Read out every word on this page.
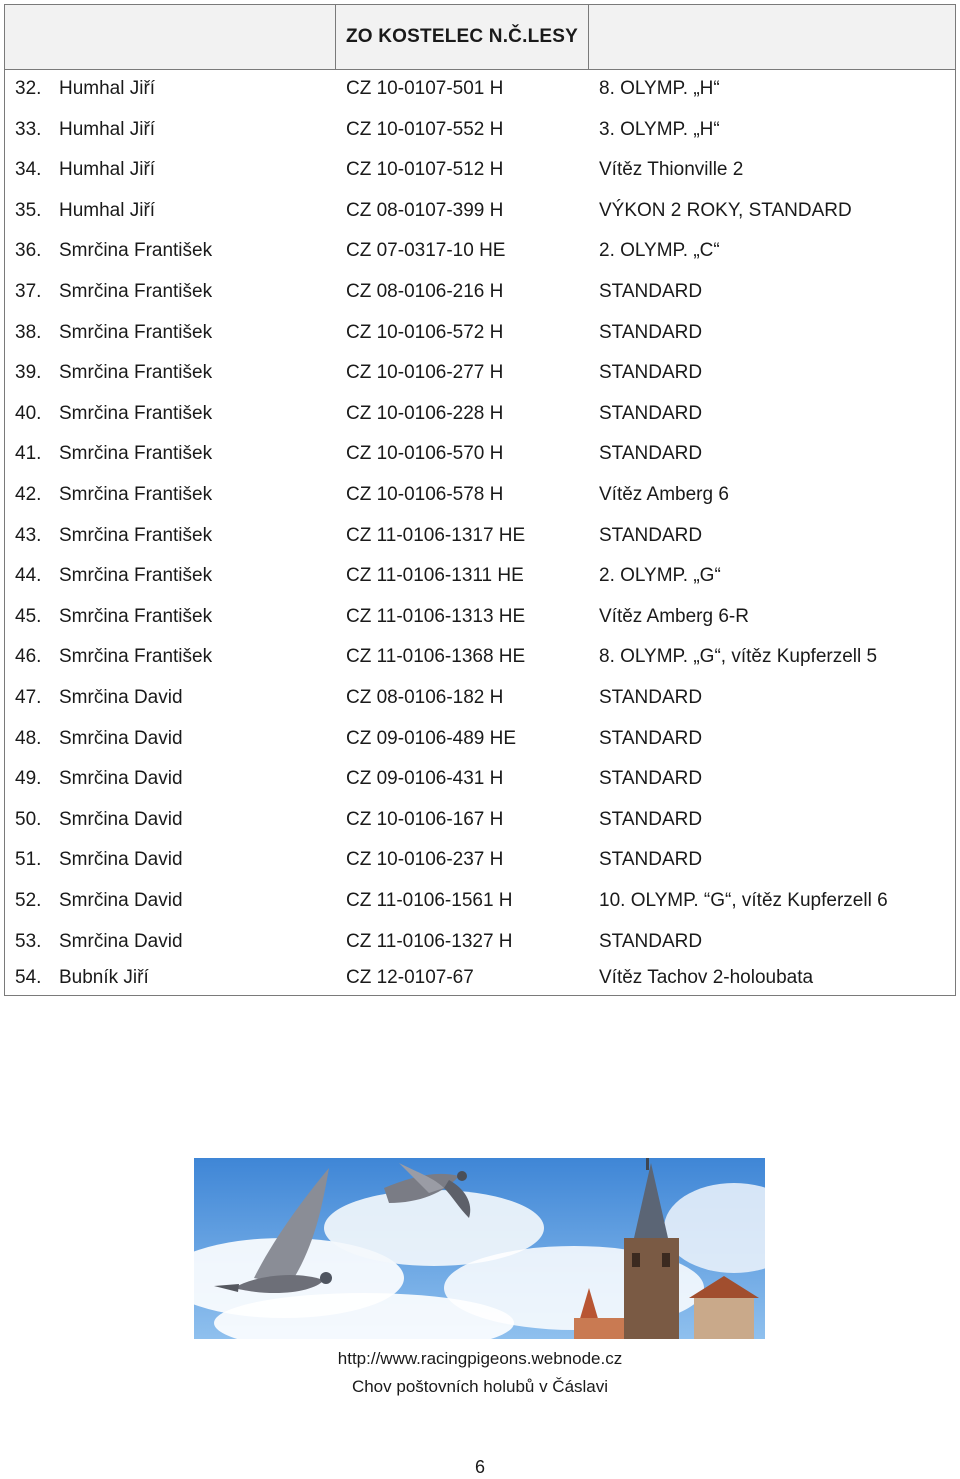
ZO KOSTELEC N.Č.LESY
32. Humhal Jiří	CZ 10-0107-501 H	8. OLYMP. „H“
33. Humhal Jiří	CZ 10-0107-552 H	3. OLYMP. „H“
34. Humhal Jiří	CZ 10-0107-512 H	Vítěz Thionville 2
35. Humhal Jiří	CZ 08-0107-399 H	VÝKON 2 ROKY, STANDARD
36. Smrčina František	CZ 07-0317-10 HE	2. OLYMP. „C“
37. Smrčina František	CZ 08-0106-216 H	STANDARD
38. Smrčina František	CZ 10-0106-572 H	STANDARD
39. Smrčina František	CZ 10-0106-277 H	STANDARD
40. Smrčina František	CZ 10-0106-228 H	STANDARD
41. Smrčina František	CZ 10-0106-570 H	STANDARD
42. Smrčina František	CZ 10-0106-578 H	Vítěz Amberg 6
43. Smrčina František	CZ 11-0106-1317 HE	STANDARD
44. Smrčina František	CZ 11-0106-1311 HE	2. OLYMP. „G“
45. Smrčina František	CZ 11-0106-1313 HE	Vítěz Amberg 6-R
46. Smrčina František	CZ 11-0106-1368 HE	8. OLYMP. „G“, vítěz Kupferzell 5
47. Smrčina David	CZ 08-0106-182 H	STANDARD
48. Smrčina David	CZ 09-0106-489 HE	STANDARD
49. Smrčina David	CZ 09-0106-431 H	STANDARD
50. Smrčina David	CZ 10-0106-167 H	STANDARD
51. Smrčina David	CZ 10-0106-237 H	STANDARD
52. Smrčina David	CZ 11-0106-1561 H	10. OLYMP. “G“, vítěz Kupferzell 6
53. Smrčina David	CZ 11-0106-1327 H	STANDARD
54. Bubník Jiří	CZ 12-0107-67	Vítěz Tachov 2-holoubata
http://www.racingpigeons.webnode.cz
Chov poštovních holubů v Čáslavi
6
